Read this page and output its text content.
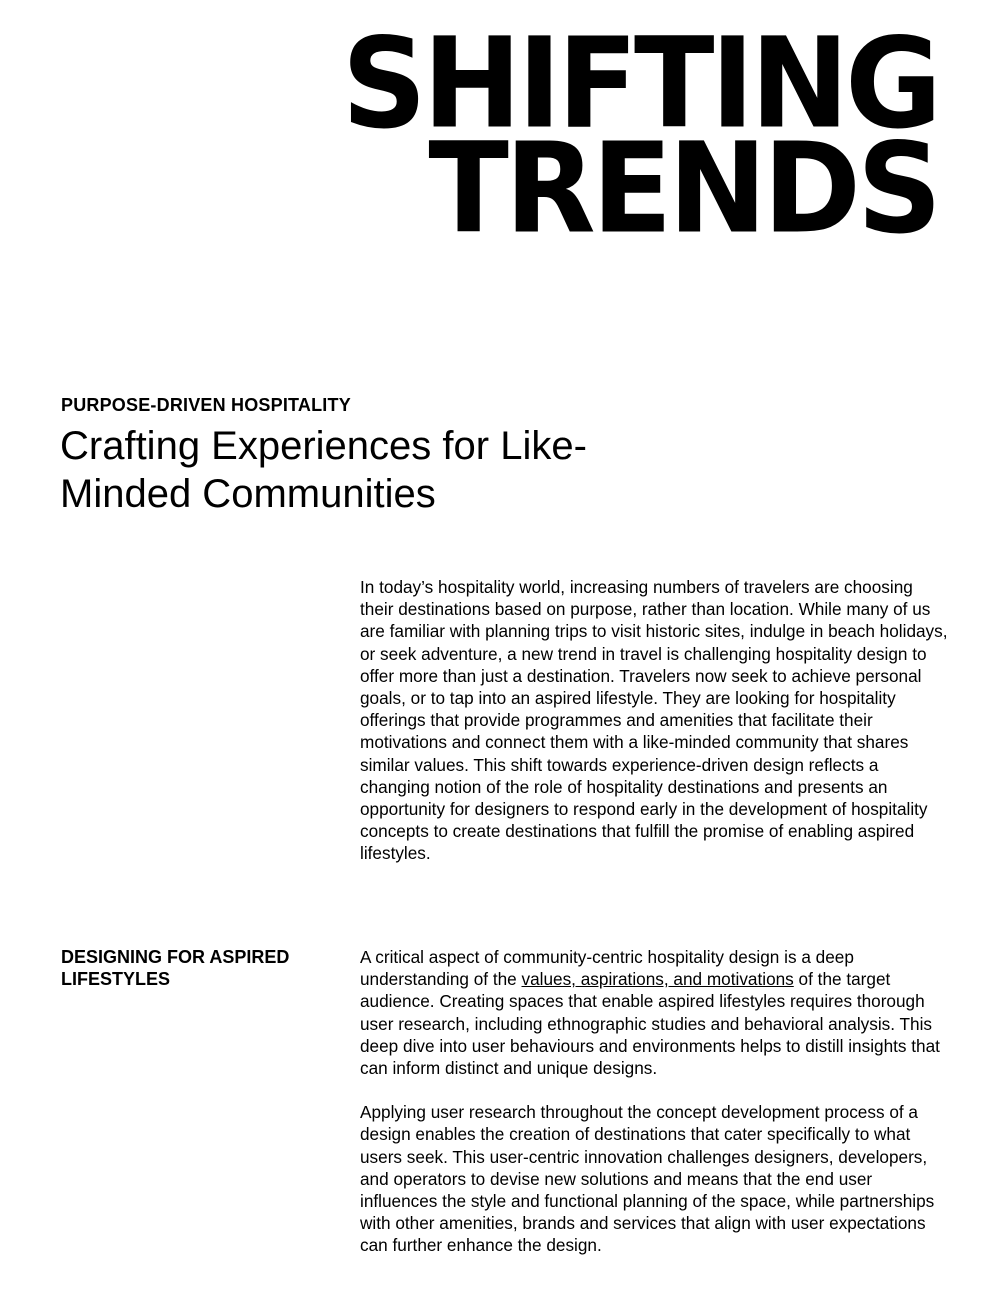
SHIFTING
TRENDS
PURPOSE-DRIVEN HOSPITALITY
Crafting Experiences for Like-Minded Communities

In today’s hospitality world, increasing numbers of travelers are choosing their destinations based on purpose, rather than location. While many of us are familiar with planning trips to visit historic sites, indulge in beach holidays, or seek adventure, a new trend in travel is challenging hospitality design to offer more than just a destination. Travelers now seek to achieve personal goals, or to tap into an aspired lifestyle. They are looking for hospitality offerings that provide programmes and amenities that facilitate their motivations and connect them with a like-minded community that shares similar values. This shift towards experience-driven design reflects a changing notion of the role of hospitality destinations and presents an opportunity for designers to respond early in the development of hospitality concepts to create destinations that fulfill the promise of enabling aspired lifestyles.

DESIGNING FOR ASPIRED LIFESTYLES

A critical aspect of community-centric hospitality design is a deep understanding of the values, aspirations, and motivations of the target audience. Creating spaces that enable aspired lifestyles requires thorough user research, including ethnographic studies and behavioral analysis. This deep dive into user behaviours and environments helps to distill insights that can inform distinct and unique designs.

Applying user research throughout the concept development process of a design enables the creation of destinations that cater specifically to what users seek. This user-centric innovation challenges designers, developers, and operators to devise new solutions and means that the end user influences the style and functional planning of the space, while partnerships with other amenities, brands and services that align with user expectations can further enhance the design.
